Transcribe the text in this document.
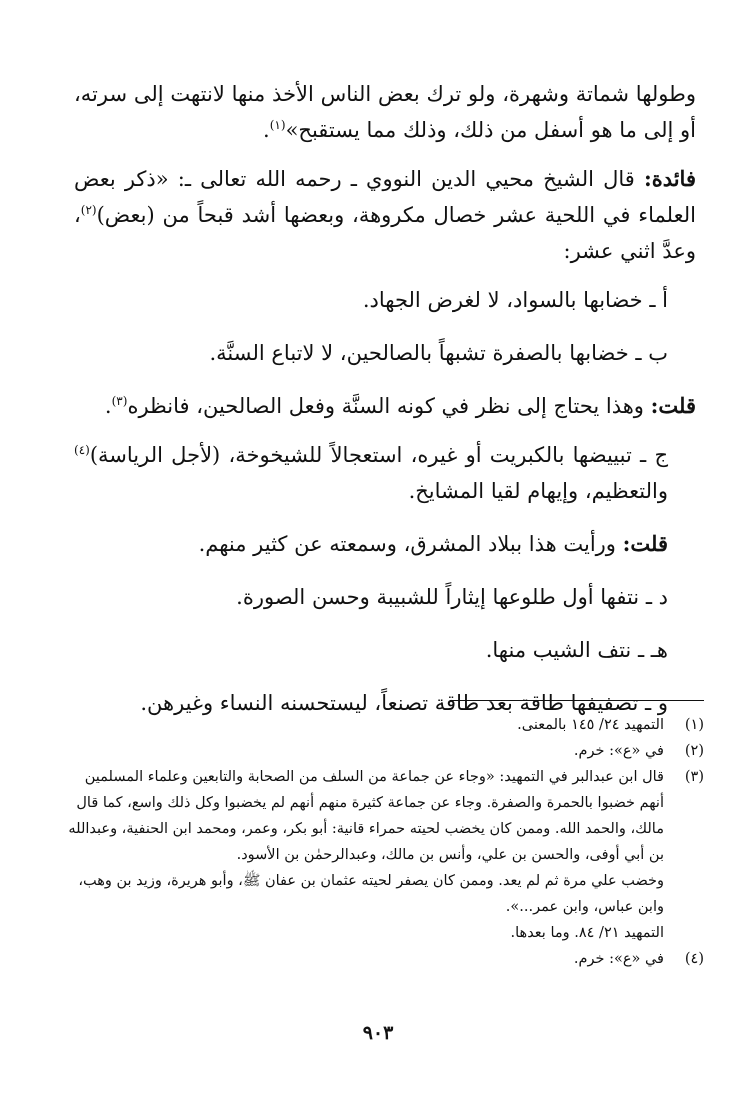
وطولها شماتة وشهرة، ولو ترك بعض الناس الأخذ منها لانتهت إلى سرته، أو إلى ما هو أسفل من ذلك، وذلك مما يستقبح»$^{(١)}$.

فائدة: قال الشيخ محيي الدين النووي ـ رحمه الله تعالى ـ: «ذكر بعض العلماء في اللحية عشر خصال مكروهة، وبعضها أشد قبحاً من (بعض)$^{(٢)}$، وعدَّ اثني عشر:

أ ـ خضابها بالسواد، لا لغرض الجهاد.

ب ـ خضابها بالصفرة تشبهاً بالصالحين، لا لاتباع السنَّة.

قلت: وهذا يحتاج إلى نظر في كونه السنَّة وفعل الصالحين، فانظره$^{(٣)}$.

ج ـ تبييضها بالكبريت أو غيره، استعجالاً للشيخوخة، (لأجل الرياسة)$^{(٤)}$ والتعظيم، وإيهام لقيا المشايخ.

قلت: ورأيت هذا ببلاد المشرق، وسمعته عن كثير منهم.

د ـ نتفها أول طلوعها إيثاراً للشبيبة وحسن الصورة.

هـ ـ نتف الشيب منها.

و ـ تصفيفها طاقة بعد طاقة تصنعاً، ليستحسنه النساء وغيرهن.

(١)
التمهيد ٢٤/ ١٤٥ بالمعنى.
(٢)
في «ع»: خرم.
(٣)
قال ابن عبدالبر في التمهيد: «وجاء عن جماعة من السلف من الصحابة والتابعين وعلماء المسلمين أنهم خضبوا بالحمرة والصفرة. وجاء عن جماعة كثيرة منهم أنهم لم يخضبوا وكل ذلك واسع، كما قال مالك، والحمد الله. وممن كان يخضب لحيته حمراء قانية: أبو بكر، وعمر، ومحمد ابن الحنفية، وعبدالله بن أبي أوفى، والحسن بن علي، وأنس بن مالك، وعبدالرحمٰن بن الأسود.

وخضب علي مرة ثم لم يعد. وممن كان يصفر لحيته عثمان بن عفان ﷺ، وأبو هريرة، وزيد بن وهب، وابن عباس، وابن عمر...».

التمهيد ٢١/ ٨٤. وما بعدها.

(٤)
في «ع»: خرم.
٩٠٣
